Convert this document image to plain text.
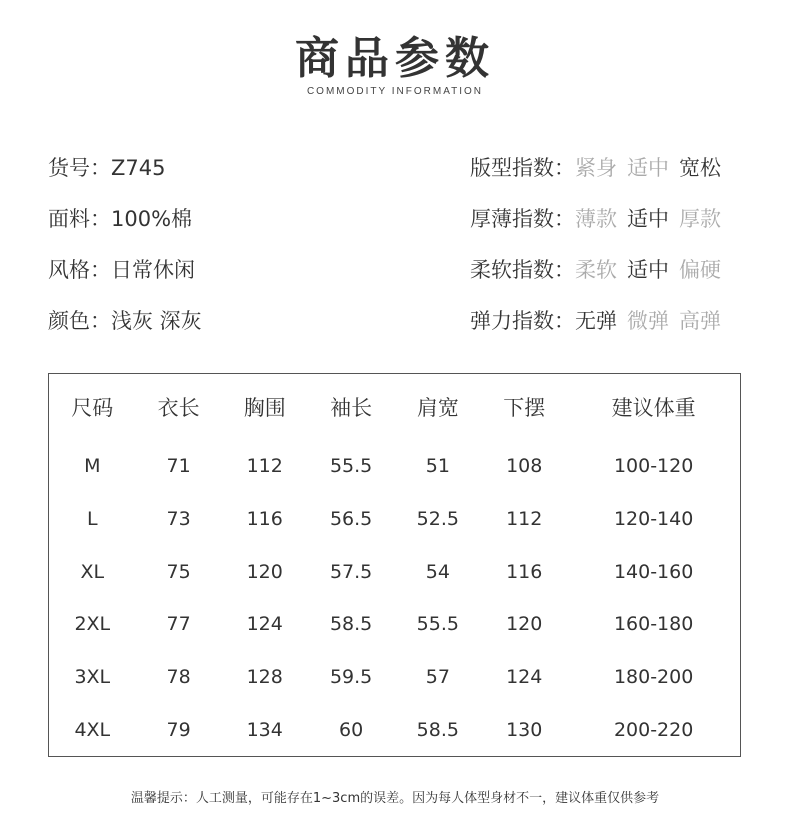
商品参数
COMMODITY INFORMATION
货号：Z745
面料：100%棉
风格：日常休闲
颜色：浅灰 深灰
版型指数：紧身 适中 宽松
厚薄指数：薄款 适中 厚款
柔软指数：柔软 适中 偏硬
弹力指数：无弹 微弹 高弹
尺码	衣长	胸围	袖长	肩宽	下摆	建议体重
M	71	112	55.5	51	108	100-120
L	73	116	56.5	52.5	112	120-140
XL	75	120	57.5	54	116	140-160
2XL	77	124	58.5	55.5	120	160-180
3XL	78	128	59.5	57	124	180-200
4XL	79	134	60	58.5	130	200-220
温馨提示：人工测量，可能存在1~3cm的误差。因为每人体型身材不一，建议体重仅供参考
